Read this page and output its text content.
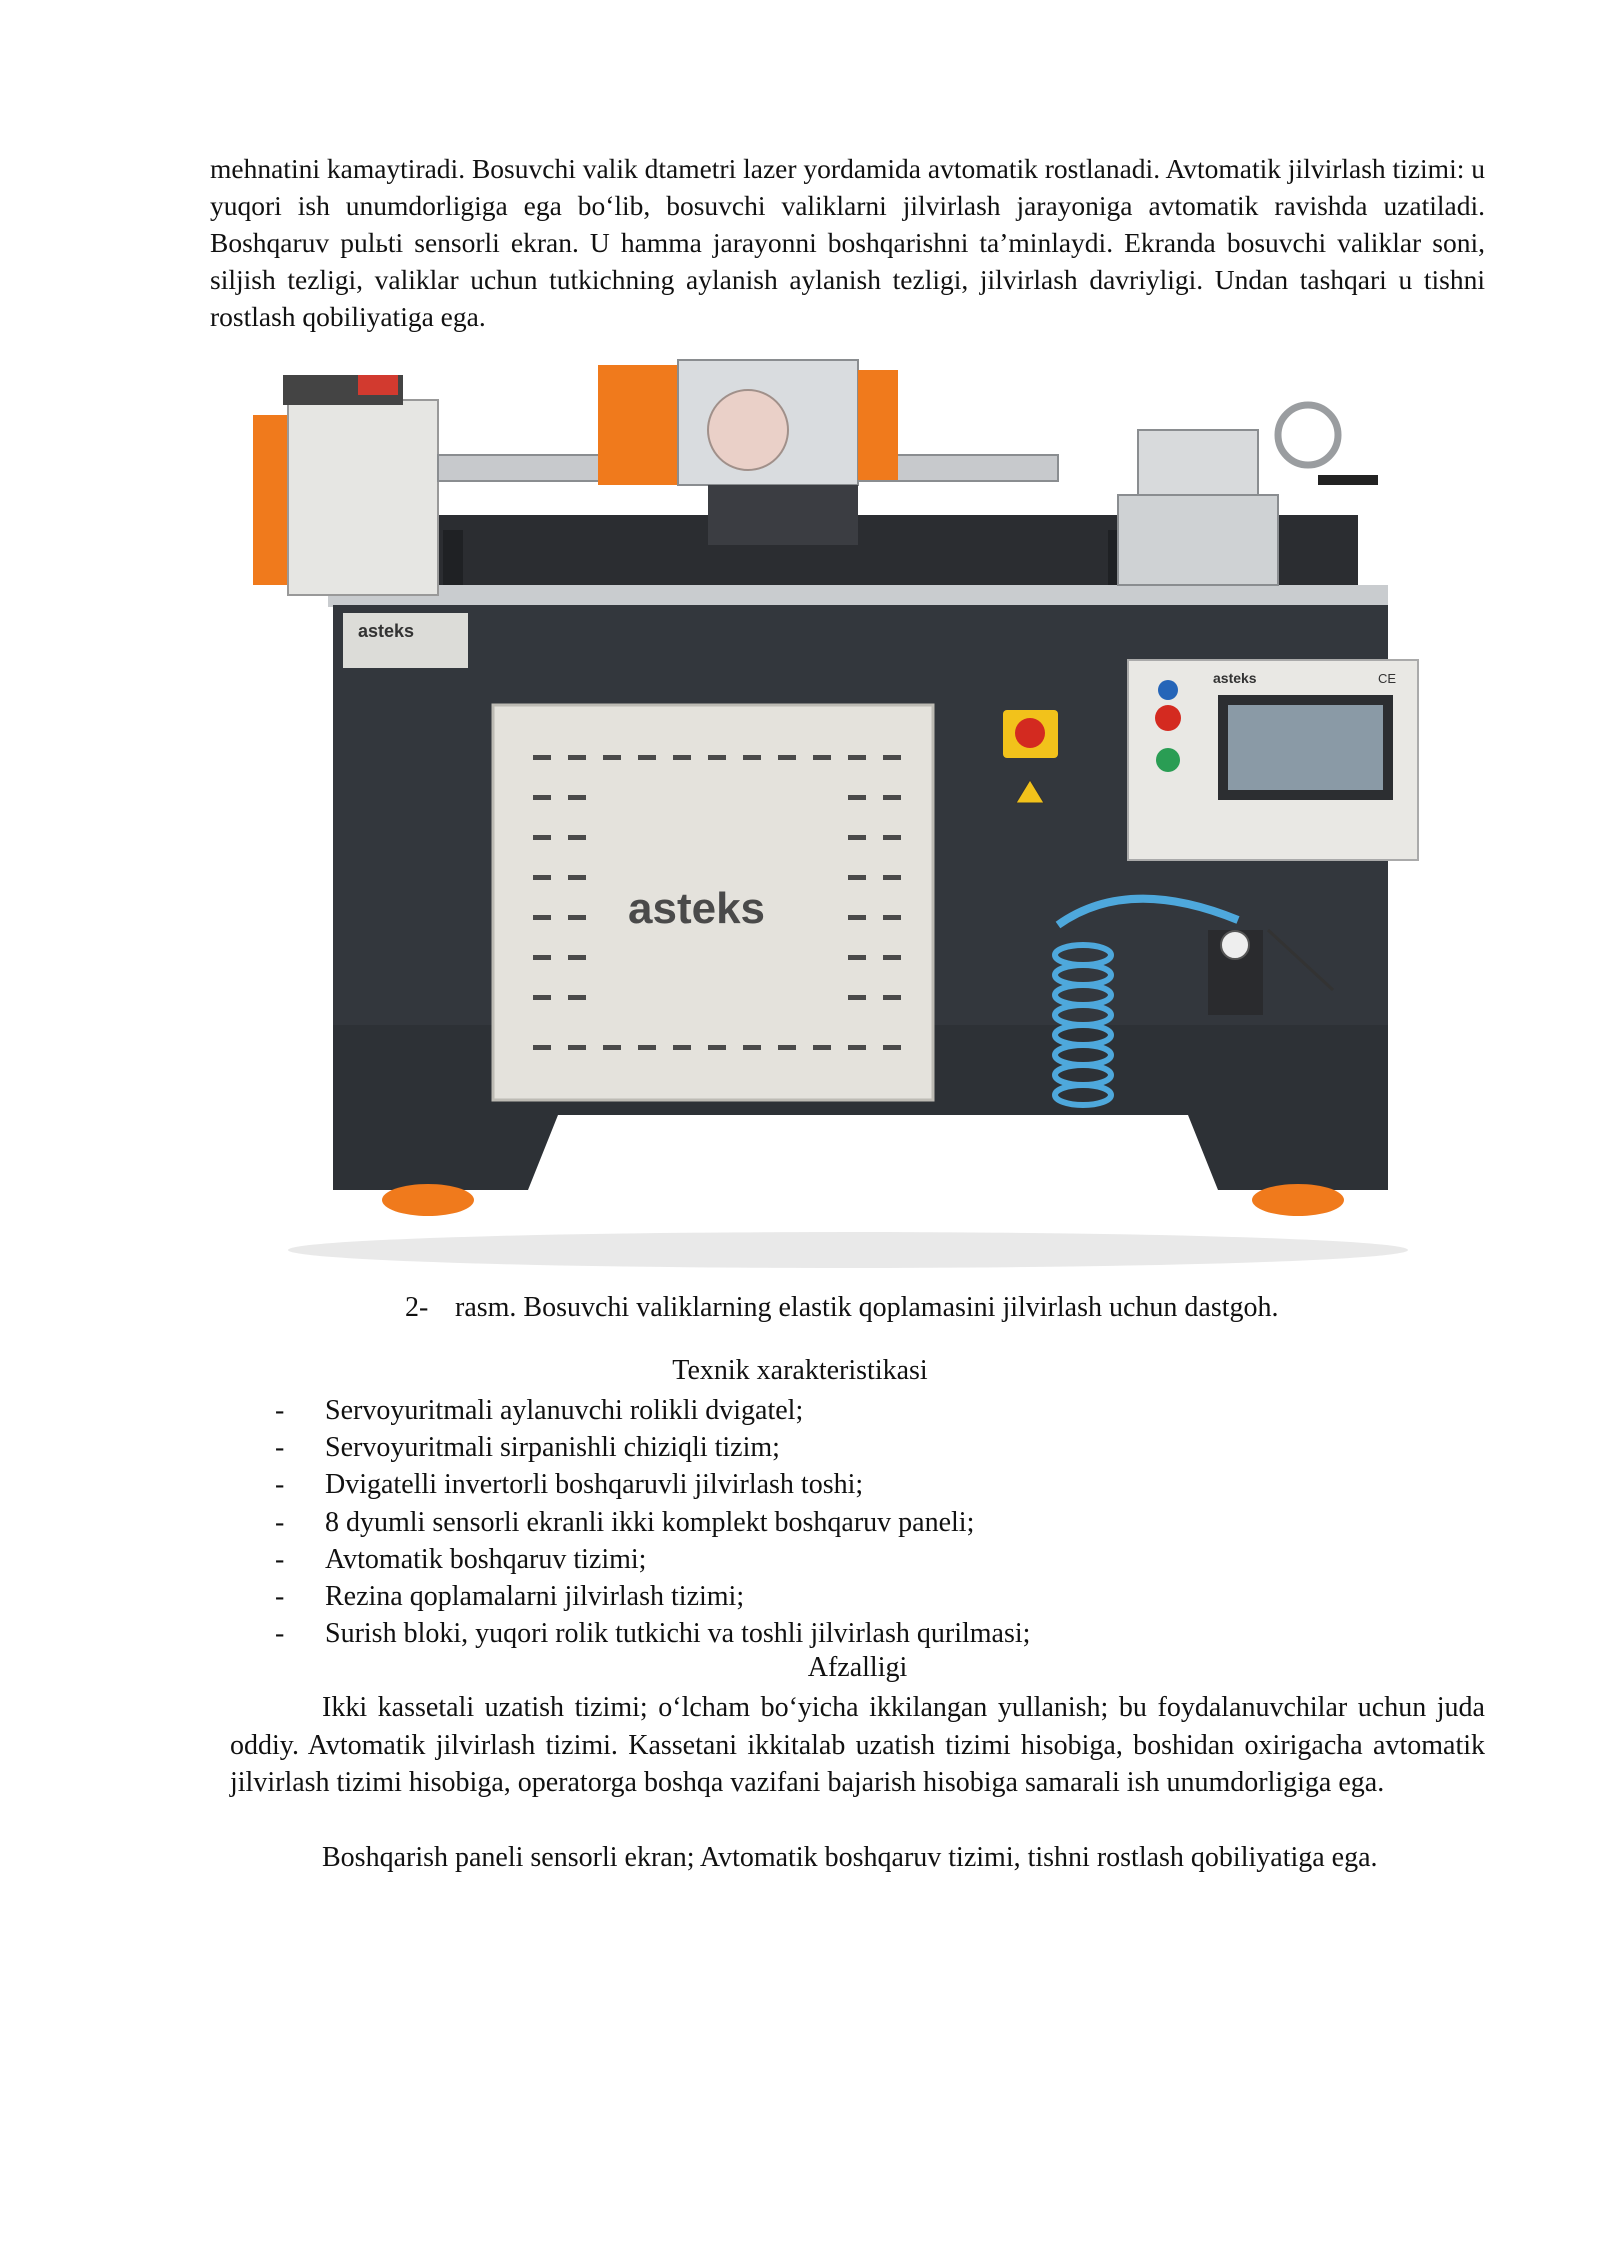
mehnatini kamaytiradi. Bosuvchi valik dtametri lazer yordamida avtomatik rostlanadi. Avtomatik jilvirlash tizimi: u yuqori ish unumdorligiga ega bo‘lib, bosuvchi valiklarni jilvirlash jarayoniga avtomatik ravishda uzatiladi. Boshqaruv pulьti sensorli ekran. U hamma jarayonni boshqarishni ta’minlaydi. Ekranda bosuvchi valiklar soni, siljish tezligi, valiklar uchun tutkichning aylanish aylanish tezligi, jilvirlash davriyligi. Undan tashqari u tishni rostlash qobiliyatiga ega.

asteks
asteks
asteks	CE

2- rasm. Bosuvchi valiklarning elastik qoplamasini jilvirlash uchun dastgoh.

Texnik xarakteristikasi

- Servoyuritmali aylanuvchi rolikli dvigatel;
- Servoyuritmali sirpanishli chiziqli tizim;
- Dvigatelli invertorli boshqaruvli jilvirlash toshi;
- 8 dyumli sensorli ekranli ikki komplekt boshqaruv paneli;
- Avtomatik boshqaruv tizimi;
- Rezina qoplamalarni jilvirlash tizimi;
- Surish bloki, yuqori rolik tutkichi va toshli jilvirlash qurilmasi;

Afzalligi

Ikki kassetali uzatish tizimi; o‘lcham bo‘yicha ikkilangan yullanish; bu foydalanuvchilar uchun juda oddiy. Avtomatik jilvirlash tizimi. Kassetani ikkitalab uzatish tizimi hisobiga, boshidan oxirigacha avtomatik jilvirlash tizimi hisobiga, operatorga boshqa vazifani bajarish hisobiga samarali ish unumdorligiga ega.

Boshqarish paneli sensorli ekran; Avtomatik boshqaruv tizimi, tishni rostlash qobiliyatiga ega.
